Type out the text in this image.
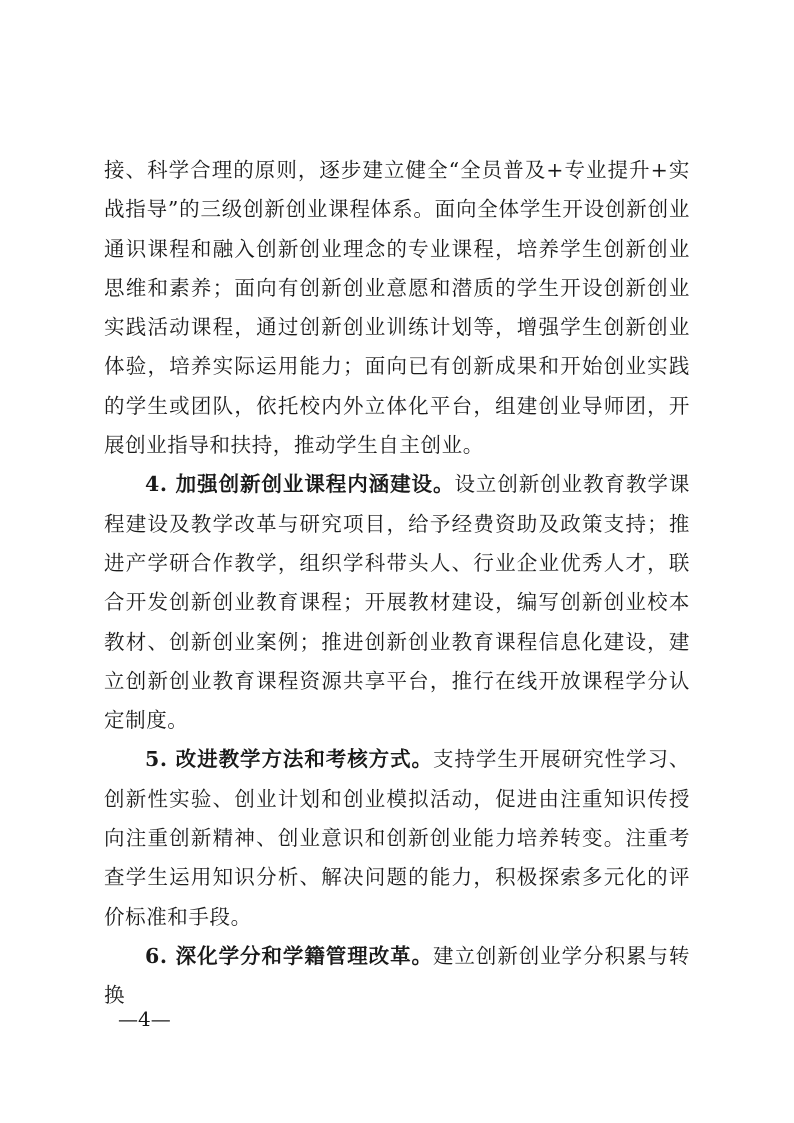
接、科学合理的原则，逐步建立健全“全员普及+专业提升+实战指导”的三级创新创业课程体系。面向全体学生开设创新创业通识课程和融入创新创业理念的专业课程，培养学生创新创业思维和素养；面向有创新创业意愿和潜质的学生开设创新创业实践活动课程，通过创新创业训练计划等，增强学生创新创业体验，培养实际运用能力；面向已有创新成果和开始创业实践的学生或团队，依托校内外立体化平台，组建创业导师团，开展创业指导和扶持，推动学生自主创业。

4. 加强创新创业课程内涵建设。设立创新创业教育教学课程建设及教学改革与研究项目，给予经费资助及政策支持；推进产学研合作教学，组织学科带头人、行业企业优秀人才，联合开发创新创业教育课程；开展教材建设，编写创新创业校本教材、创新创业案例；推进创新创业教育课程信息化建设，建立创新创业教育课程资源共享平台，推行在线开放课程学分认定制度。

5. 改进教学方法和考核方式。支持学生开展研究性学习、创新性实验、创业计划和创业模拟活动，促进由注重知识传授向注重创新精神、创业意识和创新创业能力培养转变。注重考查学生运用知识分析、解决问题的能力，积极探索多元化的评价标准和手段。

6. 深化学分和学籍管理改革。建立创新创业学分积累与转换

—4—
